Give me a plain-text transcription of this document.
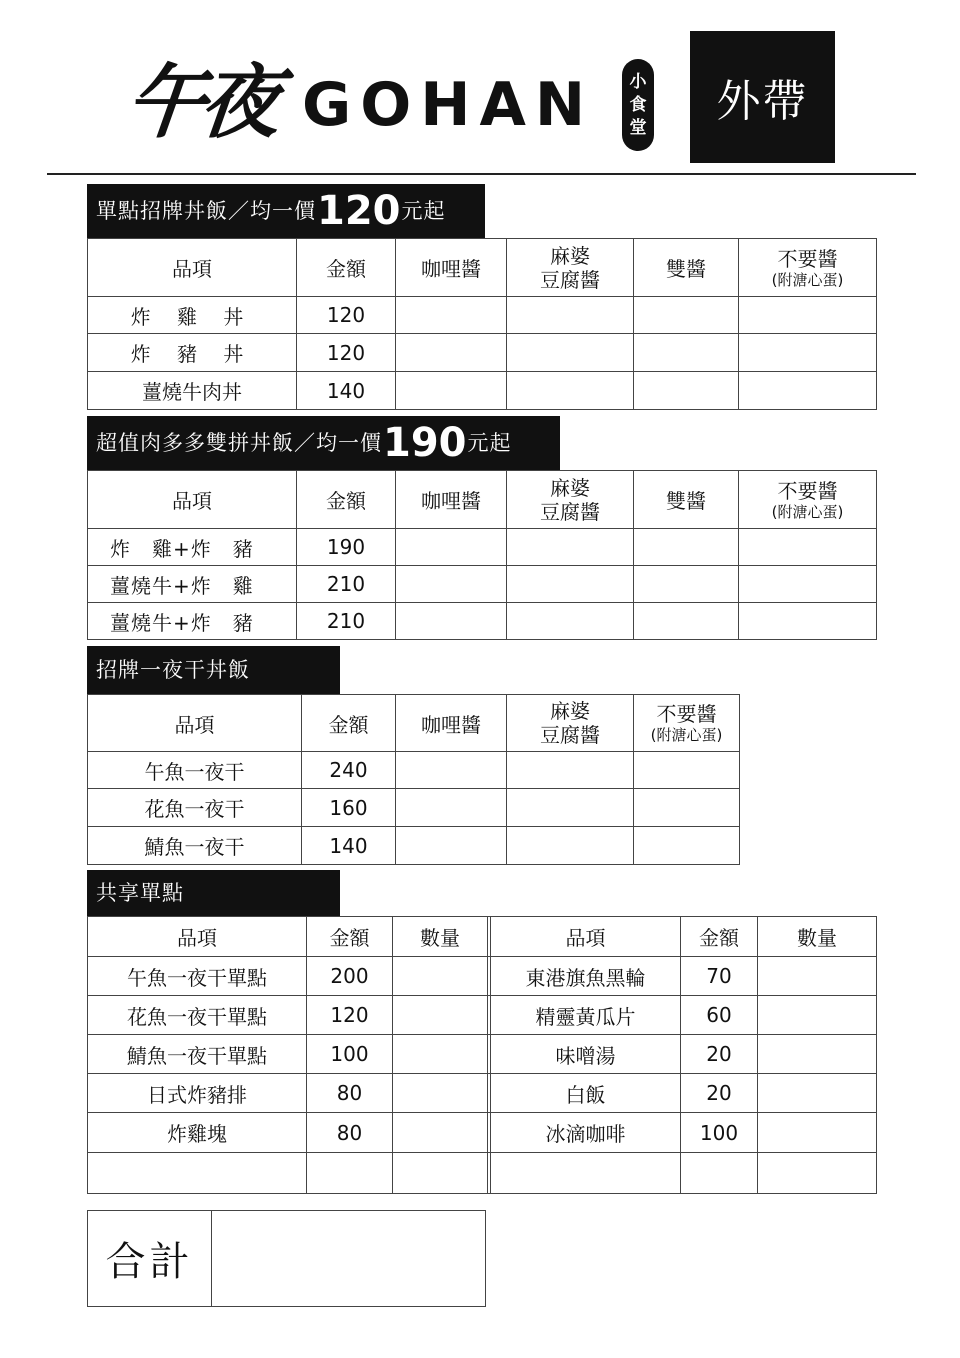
午夜 GOHAN 小
食
堂
外帶
單點招牌丼飯／均一價 120 元起
品項	金額	咖哩醬	麻婆
豆腐醬	雙醬	不要醬
(附溏心蛋)

炸 雞 丼	120				
炸 豬 丼	120				
薑燒牛肉丼	140				
超值肉多多雙拼丼飯／均一價 190 元起
品項	金額	咖哩醬	麻婆
豆腐醬	雙醬	不要醬
(附溏心蛋)

炸　雞+炸　豬	190				
薑燒牛+炸　雞	210				
薑燒牛+炸　豬	210				
招牌一夜干丼飯
品項	金額	咖哩醬	麻婆
豆腐醬	不要醬
(附溏心蛋)

午魚一夜干	240			
花魚一夜干	160			
鯖魚一夜干	140			
共享單點
品項	金額	數量		品項	金額	數量
午魚一夜干單點	200			東港旗魚黑輪	70	
花魚一夜干單點	120			精靈黃瓜片	60	
鯖魚一夜干單點	100			味噌湯	20	
日式炸豬排	80			白飯	20	
炸雞塊	80			冰滴咖啡	100	

合計
